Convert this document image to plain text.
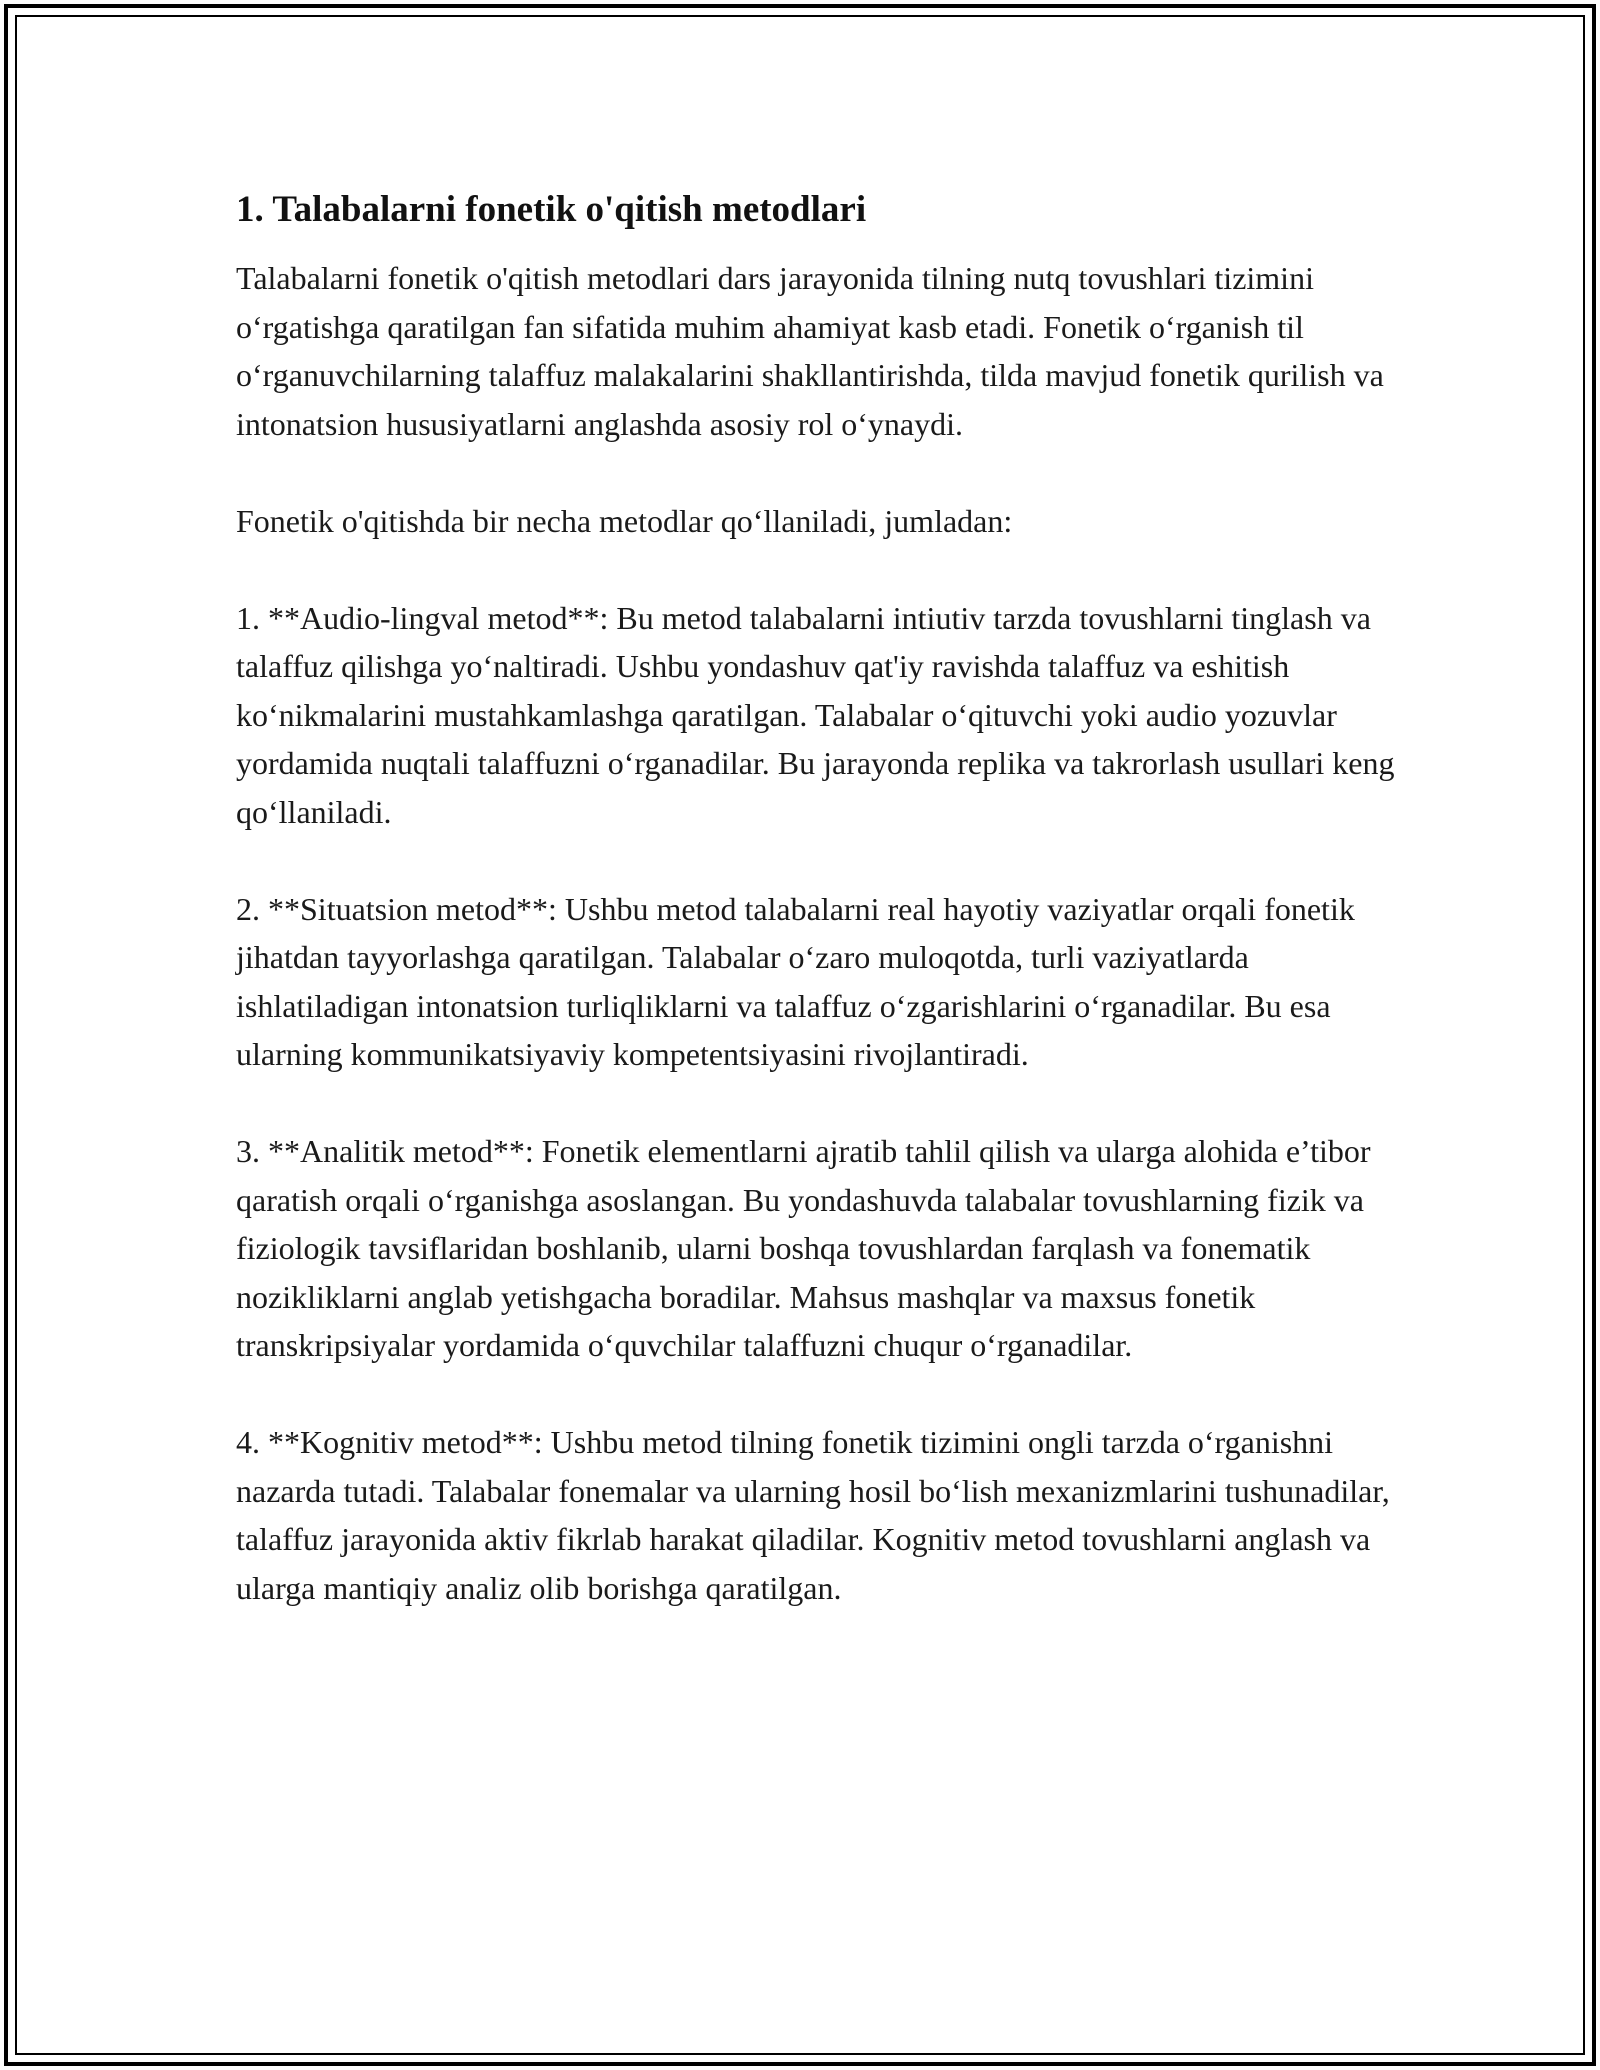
1. Talabalarni fonetik o'qitish metodlari

Talabalarni fonetik o'qitish metodlari dars jarayonida tilning nutq tovushlari tizimini o‘rgatishga qaratilgan fan sifatida muhim ahamiyat kasb etadi. Fonetik o‘rganish til o‘rganuvchilarning talaffuz malakalarini shakllantirishda, tilda mavjud fonetik qurilish va intonatsion hususiyatlarni anglashda asosiy rol o‘ynaydi.

Fonetik o'qitishda bir necha metodlar qo‘llaniladi, jumladan:

1. **Audio-lingval metod**: Bu metod talabalarni intiutiv tarzda tovushlarni tinglash va talaffuz qilishga yo‘naltiradi. Ushbu yondashuv qat'iy ravishda talaffuz va eshitish ko‘nikmalarini mustahkamlashga qaratilgan. Talabalar o‘qituvchi yoki audio yozuvlar yordamida nuqtali talaffuzni o‘rganadilar. Bu jarayonda replika va takrorlash usullari keng qo‘llaniladi.

2. **Situatsion metod**: Ushbu metod talabalarni real hayotiy vaziyatlar orqali fonetik jihatdan tayyorlashga qaratilgan. Talabalar o‘zaro muloqotda, turli vaziyatlarda ishlatiladigan intonatsion turliqliklarni va talaffuz o‘zgarishlarini o‘rganadilar. Bu esa ularning kommunikatsiyaviy kompetentsiyasini rivojlantiradi.

3. **Analitik metod**: Fonetik elementlarni ajratib tahlil qilish va ularga alohida e’tibor qaratish orqali o‘rganishga asoslangan. Bu yondashuvda talabalar tovushlarning fizik va fiziologik tavsiflaridan boshlanib, ularni boshqa tovushlardan farqlash va fonematik nozikliklarni anglab yetishgacha boradilar. Mahsus mashqlar va maxsus fonetik transkripsiyalar yordamida o‘quvchilar talaffuzni chuqur o‘rganadilar.

4. **Kognitiv metod**: Ushbu metod tilning fonetik tizimini ongli tarzda o‘rganishni nazarda tutadi. Talabalar fonemalar va ularning hosil bo‘lish mexanizmlarini tushunadilar, talaffuz jarayonida aktiv fikrlab harakat qiladilar. Kognitiv metod tovushlarni anglash va ularga mantiqiy analiz olib borishga qaratilgan.
